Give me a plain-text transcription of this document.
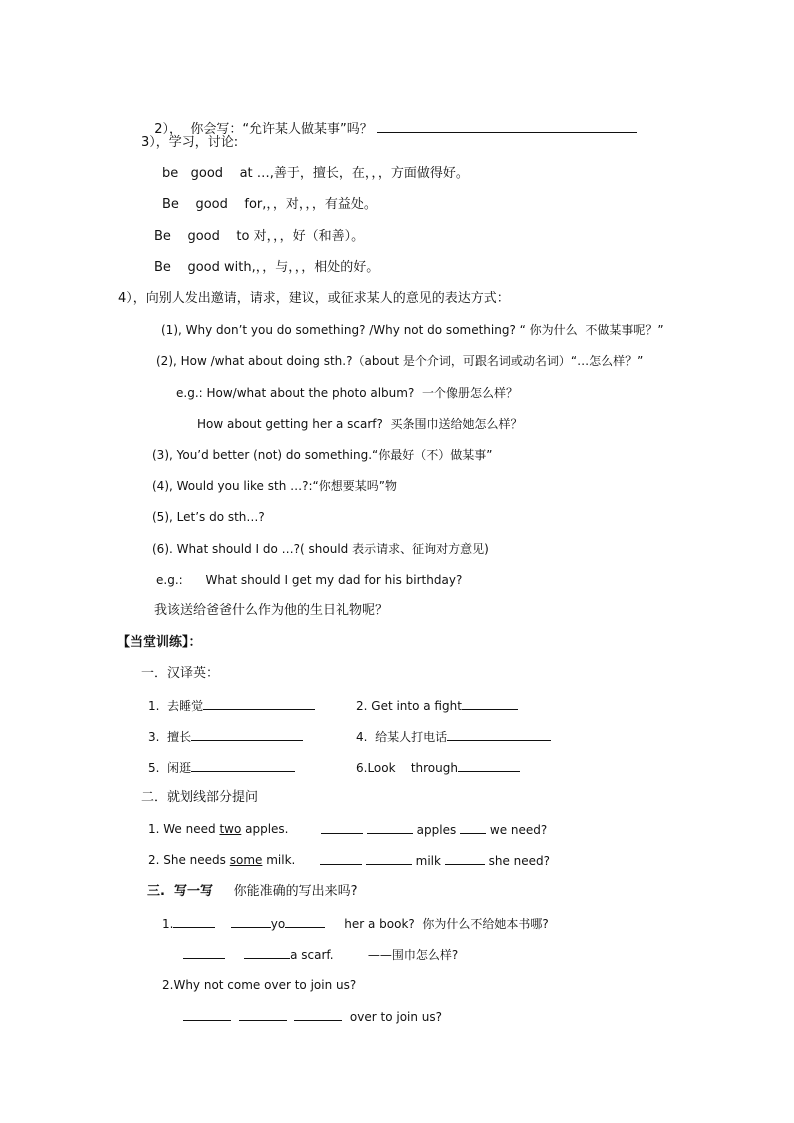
2）， 你会写：“允许某人做某事”吗？

3），学习，讨论:
be   good    at …,善于，擅长，在，，，方面做得好。
Be    good    for,，，对，，，有益处。
Be    good    to 对，，，好（和善）。
Be    good with,，，与，，，相处的好。
4），向别人发出邀请，请求，建议，或征求某人的意见的表达方式：
(1), Why don’t you do something? /Why not do something? “ 你为什么  不做某事呢？”
(2), How /what about doing sth.?（about 是个介词，可跟名词或动名词）“…怎么样？”
e.g.: How/what about the photo album?  一个像册怎么样？
How about getting her a scarf?  买条围巾送给她怎么样？
(3), You’d better (not) do something.“你最好（不）做某事”
(4), Would you like sth …?:“你想要某吗”物
(5), Let’s do sth…?
(6). What should I do …?( should 表示请求、征询对方意见)
e.g.:      What should I get my dad for his birthday?
我该送给爸爸什么作为他的生日礼物呢？
【当堂训练】：
一．汉译英：
1.  去睡觉	2. Get into a fight
3.  擅长	4.  给某人打电话
5.  闲逛	6.Look    through
二．就划线部分提问
1. We need two apples.	apples	we need?
2. She needs some milk.	milk	she need?
三.  写一写 你能准确的写出来吗?
1.	yo	her a book?  你为什么不给她本书哪?
a scarf.	——围巾怎么样?
2.Why not come over to join us?
over to join us?
